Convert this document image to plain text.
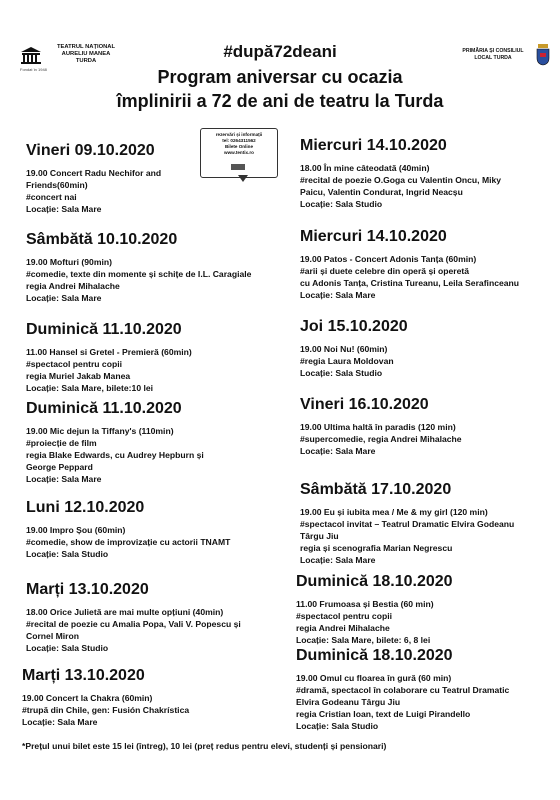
TEATRUL NAȚIONAL
AURELIU MANEA
TURDA
Fondat în 1948
PRIMĂRIA ȘI CONSILIUL
LOCAL TURDA
#după72deani
Program aniversar cu ocazia
împlinirii a 72 de ani de teatru la Turda
rezervări și informații
tel: 0264311562
Bilete Online
www.tentix.ro
Vineri 09.10.2020
19.00 Concert Radu Nechifor and
Friends(60min)
#concert nai
Locație: Sala Mare
Sâmbătă 10.10.2020
19.00 Mofturi (90min)
#comedie, texte din momente și schițe de I.L. Caragiale
regia Andrei Mihalache
Locație: Sala Mare
Duminică 11.10.2020
11.00 Hansel si Gretel - Premieră (60min)
#spectacol pentru copii
regia Muriel Jakab Manea
Locație: Sala Mare, bilete:10 lei
Duminică 11.10.2020
19.00 Mic dejun la Tiffany's (110min)
#proiecție de film
regia Blake Edwards, cu Audrey Hepburn și
George Peppard
Locație: Sala Mare
Luni 12.10.2020
19.00 Impro Șou (60min)
#comedie, show de improvizație cu actorii TNAMT
Locație: Sala Studio
Marți 13.10.2020
18.00 Orice Julietă are mai multe opțiuni (40min)
#recital de poezie cu Amalia Popa, Vali V. Popescu și
Cornel Miron
Locație: Sala Studio
Marți 13.10.2020
19.00 Concert la Chakra (60min)
#trupă din Chile, gen: Fusión Chakrística
Locație: Sala Mare
Miercuri 14.10.2020
18.00 În mine câteodată (40min)
#recital de poezie O.Goga cu Valentin Oncu, Miky
Paicu, Valentin Condurat, Ingrid Neacșu
Locație: Sala Studio
Miercuri 14.10.2020
19.00 Patos - Concert Adonis Tanța (60min)
#arii și duete celebre din operă și operetă
cu Adonis Tanța, Cristina Tureanu, Leila Serafinceanu
Locație: Sala Mare
Joi 15.10.2020
19.00 Noi Nu! (60min)
#regia Laura Moldovan
Locație: Sala Studio
Vineri 16.10.2020
19.00 Ultima haltă în paradis (120 min)
#supercomedie, regia Andrei Mihalache
Locație: Sala Mare
Sâmbătă 17.10.2020
19.00 Eu și iubita mea / Me & my girl (120 min)
#spectacol invitat – Teatrul Dramatic Elvira Godeanu
Târgu Jiu
regia și scenografia Marian Negrescu
Locație: Sala Mare
Duminică 18.10.2020
11.00 Frumoasa și Bestia (60 min)
#spectacol pentru copii
regia Andrei Mihalache
Locație: Sala Mare, bilete: 6, 8 lei
Duminică 18.10.2020
19.00 Omul cu floarea în gură (60 min)
#dramă, spectacol în colaborare cu Teatrul Dramatic
Elvira Godeanu Târgu Jiu
regia Cristian Ioan, text de Luigi Pirandello
Locație: Sala Studio
*Prețul unui bilet este 15 lei (întreg), 10 lei (preț redus pentru elevi, studenți și pensionari)
